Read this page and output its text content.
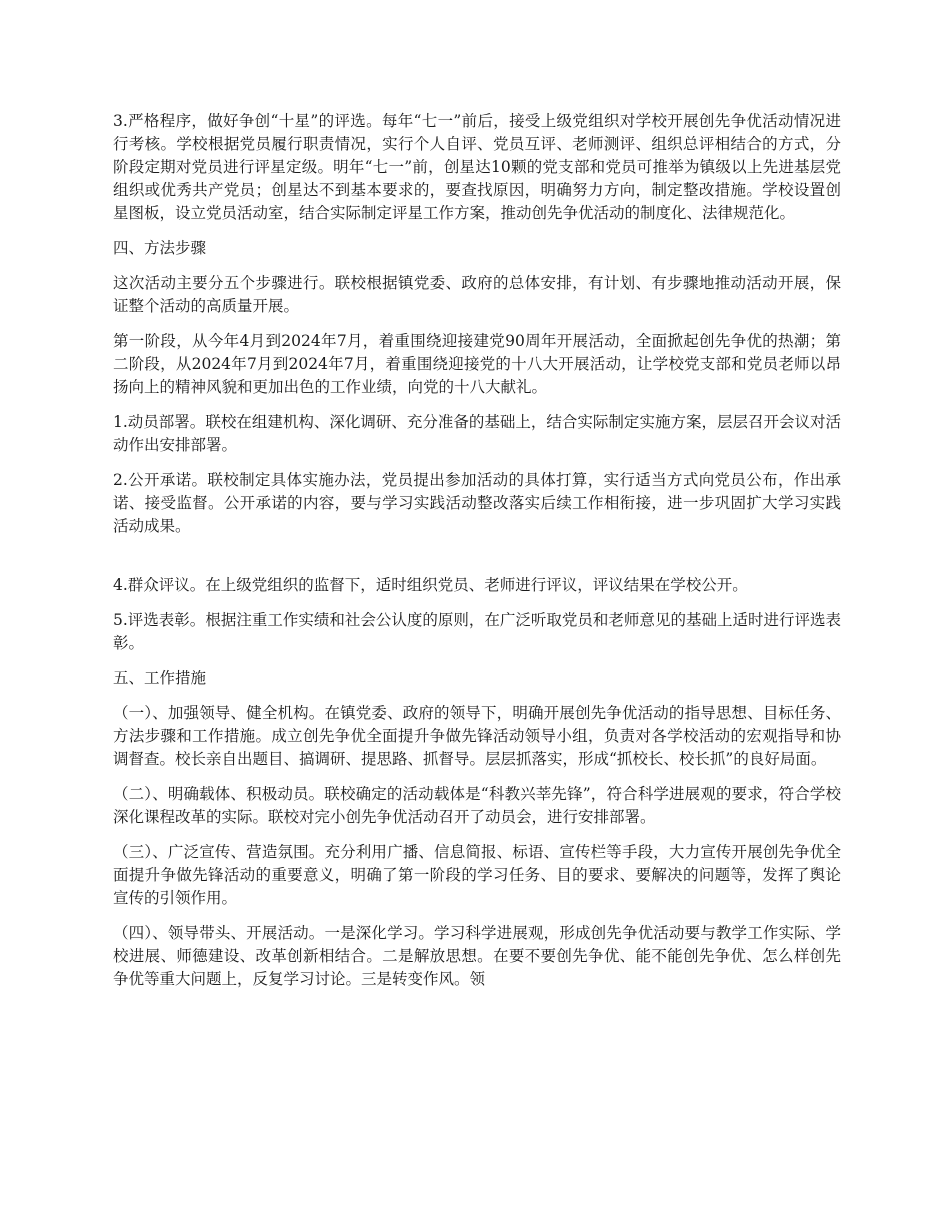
3.严格程序，做好争创“十星”的评选。每年“七一”前后，接受上级党组织对学校开展创先争优活动情况进行考核。学校根据党员履行职责情况，实行个人自评、党员互评、老师测评、组织总评相结合的方式，分阶段定期对党员进行评星定级。明年“七一”前，创星达10颗的党支部和党员可推举为镇级以上先进基层党组织或优秀共产党员；创星达不到基本要求的，要查找原因，明确努力方向，制定整改措施。学校设置创星图板，设立党员活动室，结合实际制定评星工作方案，推动创先争优活动的制度化、法律规范化。

四、方法步骤

这次活动主要分五个步骤进行。联校根据镇党委、政府的总体安排，有计划、有步骤地推动活动开展，保证整个活动的高质量开展。

第一阶段，从今年4月到2024年7月，着重围绕迎接建党90周年开展活动，全面掀起创先争优的热潮；第二阶段，从2024年7月到2024年7月，着重围绕迎接党的十八大开展活动，让学校党支部和党员老师以昂扬向上的精神风貌和更加出色的工作业绩，向党的十八大献礼。

1.动员部署。联校在组建机构、深化调研、充分准备的基础上，结合实际制定实施方案，层层召开会议对活动作出安排部署。

2.公开承诺。联校制定具体实施办法，党员提出参加活动的具体打算，实行适当方式向党员公布，作出承诺、接受监督。公开承诺的内容，要与学习实践活动整改落实后续工作相衔接，进一步巩固扩大学习实践活动成果。

4.群众评议。在上级党组织的监督下，适时组织党员、老师进行评议，评议结果在学校公开。

5.评选表彰。根据注重工作实绩和社会公认度的原则，在广泛听取党员和老师意见的基础上适时进行评选表彰。

五、工作措施

（一）、加强领导、健全机构。在镇党委、政府的领导下，明确开展创先争优活动的指导思想、目标任务、方法步骤和工作措施。成立创先争优全面提升争做先锋活动领导小组，负责对各学校活动的宏观指导和协调督查。校长亲自出题目、搞调研、提思路、抓督导。层层抓落实，形成“抓校长、校长抓”的良好局面。

（二）、明确载体、积极动员。联校确定的活动载体是“科教兴莘先锋”，符合科学进展观的要求，符合学校深化课程改革的实际。联校对完小创先争优活动召开了动员会，进行安排部署。

（三）、广泛宣传、营造氛围。充分利用广播、信息简报、标语、宣传栏等手段，大力宣传开展创先争优全面提升争做先锋活动的重要意义，明确了第一阶段的学习任务、目的要求、要解决的问题等，发挥了舆论宣传的引领作用。

（四）、领导带头、开展活动。一是深化学习。学习科学进展观，形成创先争优活动要与教学工作实际、学校进展、师德建设、改革创新相结合。二是解放思想。在要不要创先争优、能不能创先争优、怎么样创先争优等重大问题上，反复学习讨论。三是转变作风。领
